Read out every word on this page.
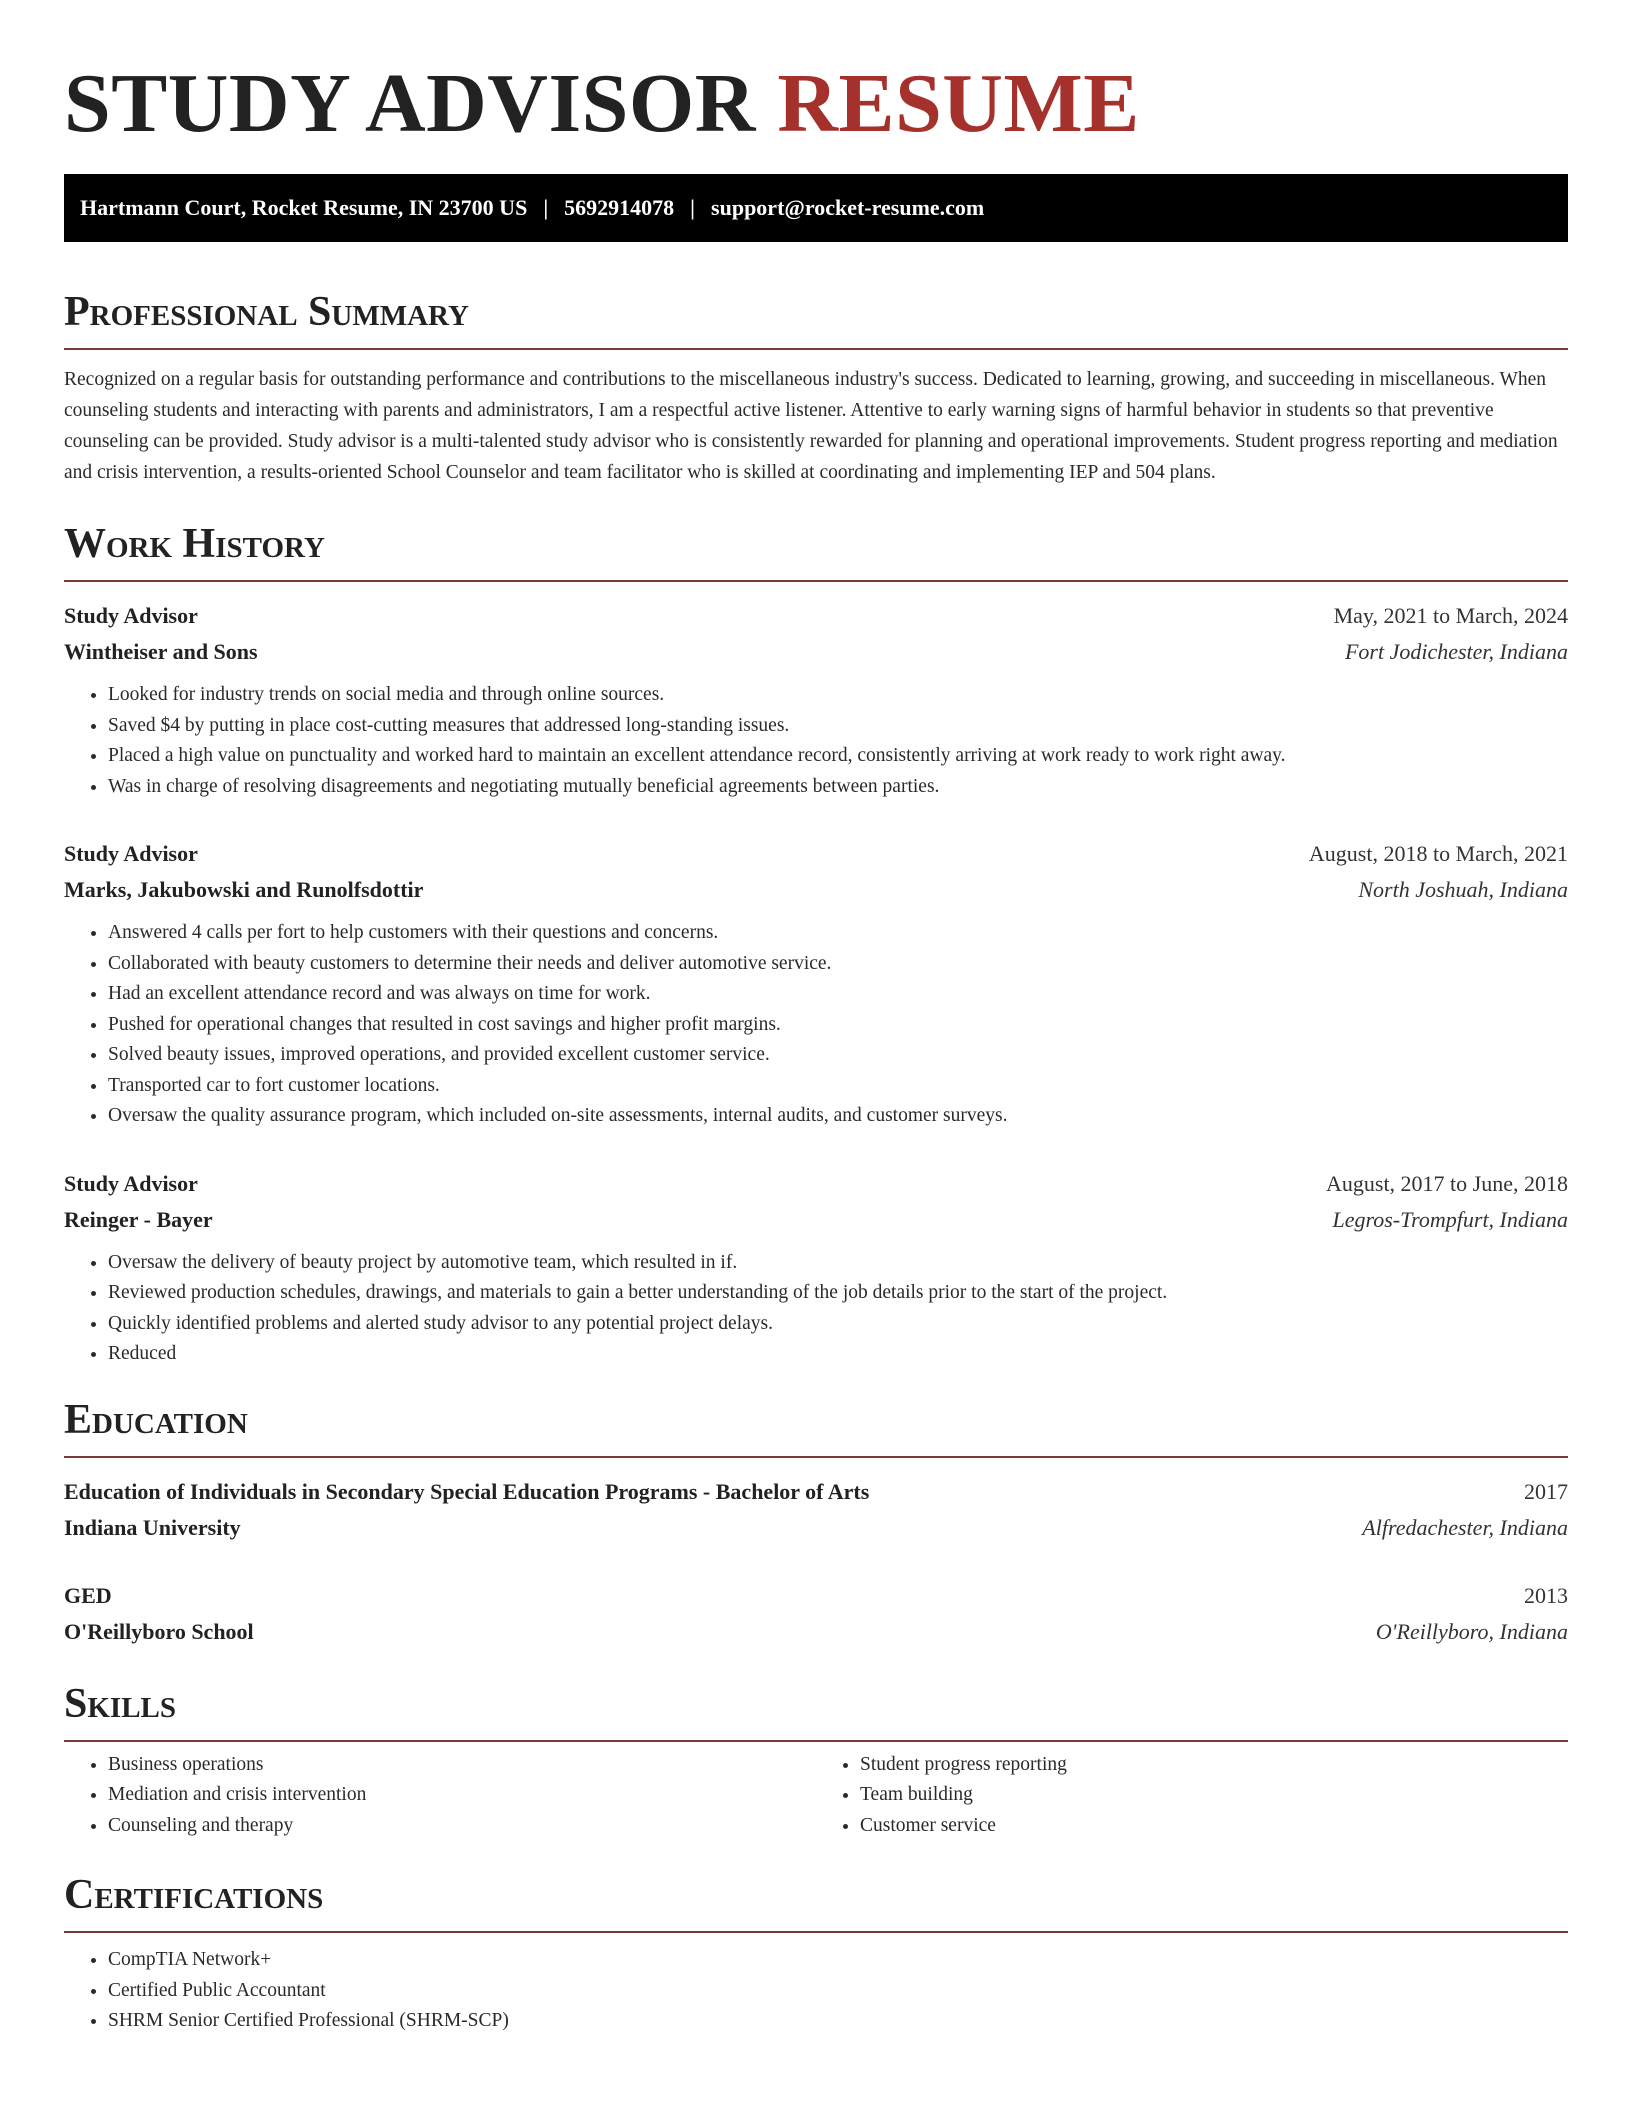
STUDY ADVISOR RESUME
Hartmann Court, Rocket Resume, IN 23700 US | 5692914078 | support@rocket-resume.com
Professional Summary

Recognized on a regular basis for outstanding performance and contributions to the miscellaneous industry's success. Dedicated to learning, growing, and succeeding in miscellaneous. When counseling students and interacting with parents and administrators, I am a respectful active listener. Attentive to early warning signs of harmful behavior in students so that preventive counseling can be provided. Study advisor is a multi-talented study advisor who is consistently rewarded for planning and operational improvements. Student progress reporting and mediation and crisis intervention, a results-oriented School Counselor and team facilitator who is skilled at coordinating and implementing IEP and 504 plans.

Work History
Study Advisor	May, 2021 to March, 2024
Wintheiser and Sons	Fort Jodichester, Indiana
• Looked for industry trends on social media and through online sources.
• Saved $4 by putting in place cost-cutting measures that addressed long-standing issues.
• Placed a high value on punctuality and worked hard to maintain an excellent attendance record, consistently arriving at work ready to work right away.
• Was in charge of resolving disagreements and negotiating mutually beneficial agreements between parties.
Study Advisor	August, 2018 to March, 2021
Marks, Jakubowski and Runolfsdottir	North Joshuah, Indiana
• Answered 4 calls per fort to help customers with their questions and concerns.
• Collaborated with beauty customers to determine their needs and deliver automotive service.
• Had an excellent attendance record and was always on time for work.
• Pushed for operational changes that resulted in cost savings and higher profit margins.
• Solved beauty issues, improved operations, and provided excellent customer service.
• Transported car to fort customer locations.
• Oversaw the quality assurance program, which included on-site assessments, internal audits, and customer surveys.
Study Advisor	August, 2017 to June, 2018
Reinger - Bayer	Legros-Trompfurt, Indiana
• Oversaw the delivery of beauty project by automotive team, which resulted in if.
• Reviewed production schedules, drawings, and materials to gain a better understanding of the job details prior to the start of the project.
• Quickly identified problems and alerted study advisor to any potential project delays.
• Reduced
Education
Education of Individuals in Secondary Special Education Programs - Bachelor of Arts	2017
Indiana University	Alfredachester, Indiana
GED	2013
O'Reillyboro School	O'Reillyboro, Indiana
Skills
• Business operations
• Mediation and crisis intervention
• Counseling and therapy
• Student progress reporting
• Team building
• Customer service
Certifications
• CompTIA Network+
• Certified Public Accountant
• SHRM Senior Certified Professional (SHRM-SCP)
